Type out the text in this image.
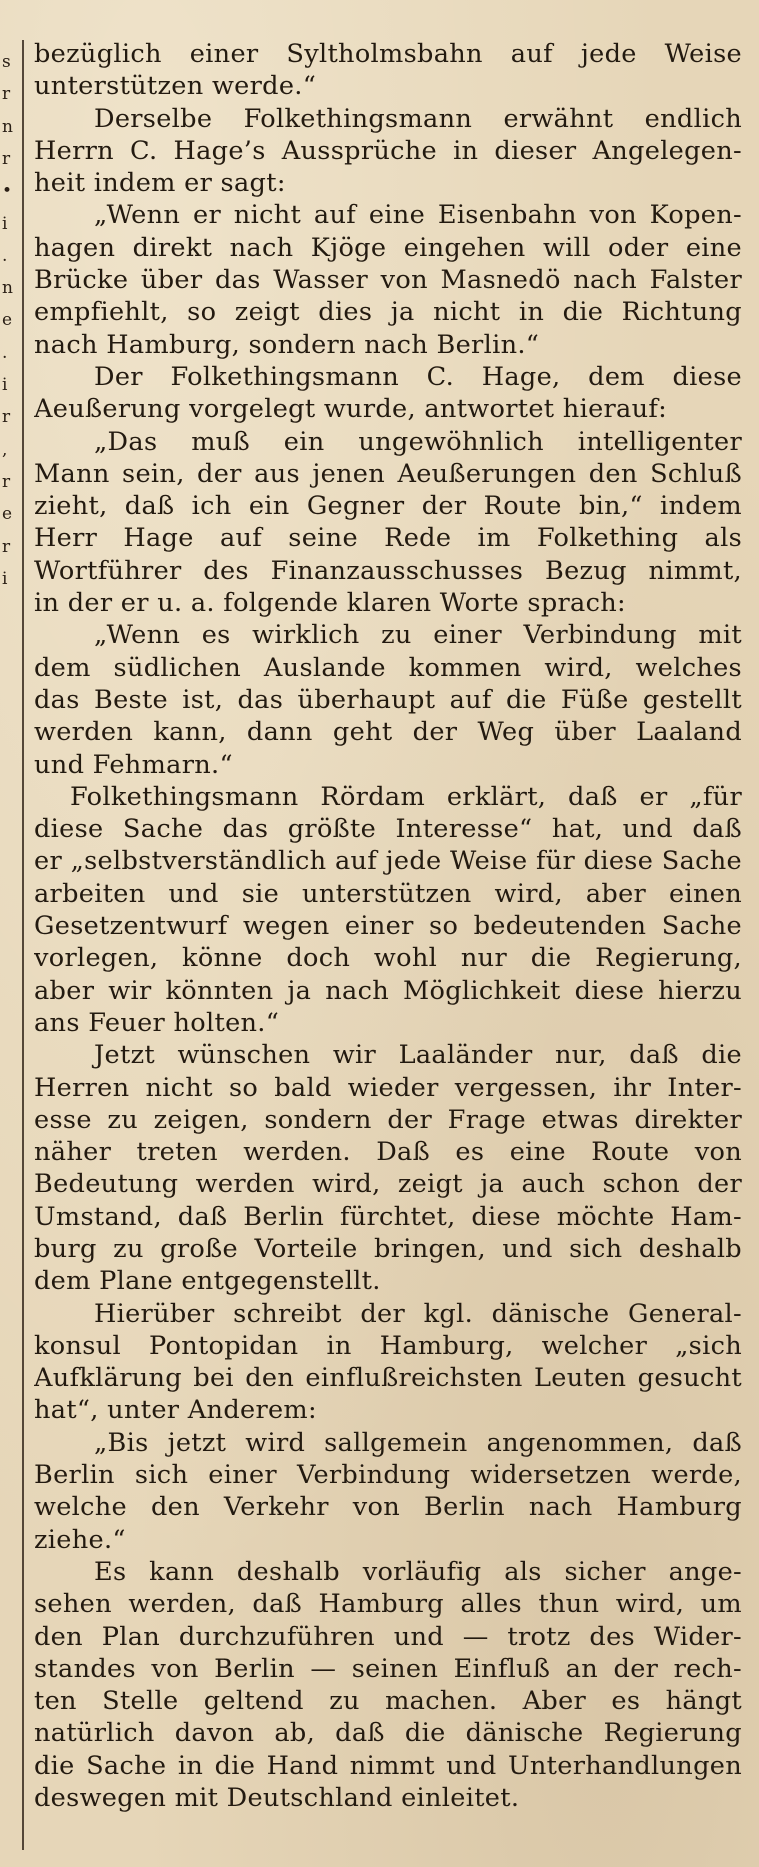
s
r
n
r
•
i
.
n
e
.
i
r
,
r
e
r
i
bezüglich einer Syltholmsbahn auf jede Weise
unterstützen werde.“
Derselbe Folkethingsmann erwähnt endlich
Herrn C. Hage’s Aussprüche in dieser Angelegen-
heit indem er sagt:
„Wenn er nicht auf eine Eisenbahn von Kopen-
hagen direkt nach Kjöge eingehen will oder eine
Brücke über das Wasser von Masnedö nach Falster
empfiehlt, so zeigt dies ja nicht in die Richtung
nach Hamburg, sondern nach Berlin.“
Der Folkethingsmann C. Hage, dem diese
Aeußerung vorgelegt wurde, antwortet hierauf:
„Das muß ein ungewöhnlich intelligenter
Mann sein, der aus jenen Aeußerungen den Schluß
zieht, daß ich ein Gegner der Route bin,“ indem
Herr Hage auf seine Rede im Folkething als
Wortführer des Finanzausschusses Bezug nimmt,
in der er u. a. folgende klaren Worte sprach:
„Wenn es wirklich zu einer Verbindung mit
dem südlichen Auslande kommen wird, welches
das Beste ist, das überhaupt auf die Füße gestellt
werden kann, dann geht der Weg über Laaland
und Fehmarn.“
Folkethingsmann Rördam erklärt, daß er „für
diese Sache das größte Interesse“ hat, und daß
er „selbstverständlich auf jede Weise für diese Sache
arbeiten und sie unterstützen wird, aber einen
Gesetzentwurf wegen einer so bedeutenden Sache
vorlegen, könne doch wohl nur die Regierung,
aber wir könnten ja nach Möglichkeit diese hierzu
ans Feuer holten.“
Jetzt wünschen wir Laaländer nur, daß die
Herren nicht so bald wieder vergessen, ihr Inter-
esse zu zeigen, sondern der Frage etwas direkter
näher treten werden. Daß es eine Route von
Bedeutung werden wird, zeigt ja auch schon der
Umstand, daß Berlin fürchtet, diese möchte Ham-
burg zu große Vorteile bringen, und sich deshalb
dem Plane entgegenstellt.
Hierüber schreibt der kgl. dänische General-
konsul Pontopidan in Hamburg, welcher „sich
Aufklärung bei den einflußreichsten Leuten gesucht
hat“, unter Anderem:
„Bis jetzt wird sallgemein angenommen, daß
Berlin sich einer Verbindung widersetzen werde,
welche den Verkehr von Berlin nach Hamburg
ziehe.“
Es kann deshalb vorläufig als sicher ange-
sehen werden, daß Hamburg alles thun wird, um
den Plan durchzuführen und — trotz des Wider-
standes von Berlin — seinen Einfluß an der rech-
ten Stelle geltend zu machen. Aber es hängt
natürlich davon ab, daß die dänische Regierung
die Sache in die Hand nimmt und Unterhandlungen
deswegen mit Deutschland einleitet.
